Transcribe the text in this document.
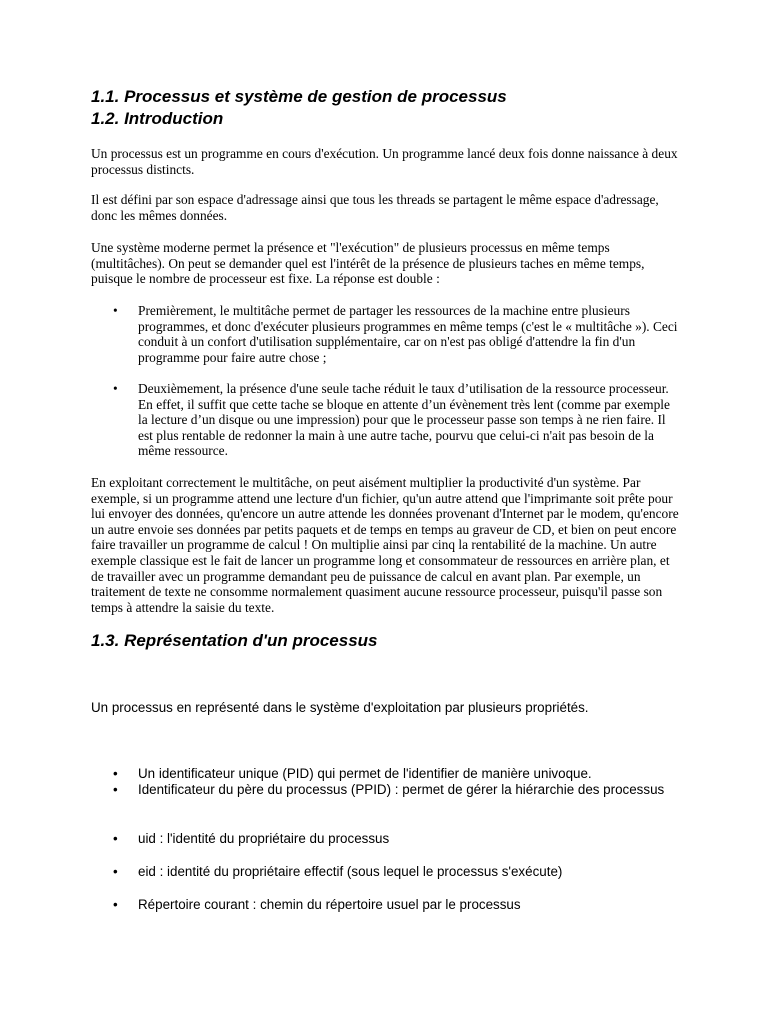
1.1. Processus et système de gestion de processus
1.2. Introduction

Un processus est un programme en cours d'exécution. Un programme lancé deux fois donne naissance à deux processus distincts.

Il est défini par son espace d'adressage ainsi que tous les threads se partagent le même espace d'adressage, donc les mêmes données.

Une système moderne permet la présence et "l'exécution" de plusieurs processus en même temps (multitâches). On peut se demander quel est l'intérêt de la présence de plusieurs taches en même temps, puisque le nombre de processeur est fixe. La réponse est double :

• Premièrement, le multitâche permet de partager les ressources de la machine entre plusieurs programmes, et donc d'exécuter plusieurs programmes en même temps (c'est le « multitâche »). Ceci conduit à un confort d'utilisation supplémentaire, car on n'est pas obligé d'attendre la fin d'un programme pour faire autre chose ;
• Deuxièmement, la présence d'une seule tache réduit le taux d’utilisation de la ressource processeur. En effet, il suffit que cette tache se bloque en attente d’un évènement très lent (comme par exemple la lecture d’un disque ou une impression) pour que le processeur passe son temps à ne rien faire. Il est plus rentable de redonner la main à une autre tache, pourvu que celui-ci n'ait pas besoin de la même ressource.

En exploitant correctement le multitâche, on peut aisément multiplier la productivité d'un système. Par exemple, si un programme attend une lecture d'un fichier, qu'un autre attend que l'imprimante soit prête pour lui envoyer des données, qu'encore un autre attende les données provenant d'Internet par le modem, qu'encore un autre envoie ses données par petits paquets et de temps en temps au graveur de CD, et bien on peut encore faire travailler un programme de calcul ! On multiplie ainsi par cinq la rentabilité de la machine. Un autre exemple classique est le fait de lancer un programme long et consommateur de ressources en arrière plan, et de travailler avec un programme demandant peu de puissance de calcul en avant plan. Par exemple, un traitement de texte ne consomme normalement quasiment aucune ressource processeur, puisqu'il passe son temps à attendre la saisie du texte.

1.3. Représentation d'un processus

Un processus en représenté dans le système d'exploitation par plusieurs propriétés.

• Un identificateur unique (PID) qui permet de l'identifier de manière univoque.
• Identificateur du père du processus (PPID) : permet de gérer la hiérarchie des processus
• uid : l'identité du propriétaire du processus
• eid : identité du propriétaire effectif (sous lequel le processus s'exécute)
• Répertoire courant : chemin du répertoire usuel par le processus
